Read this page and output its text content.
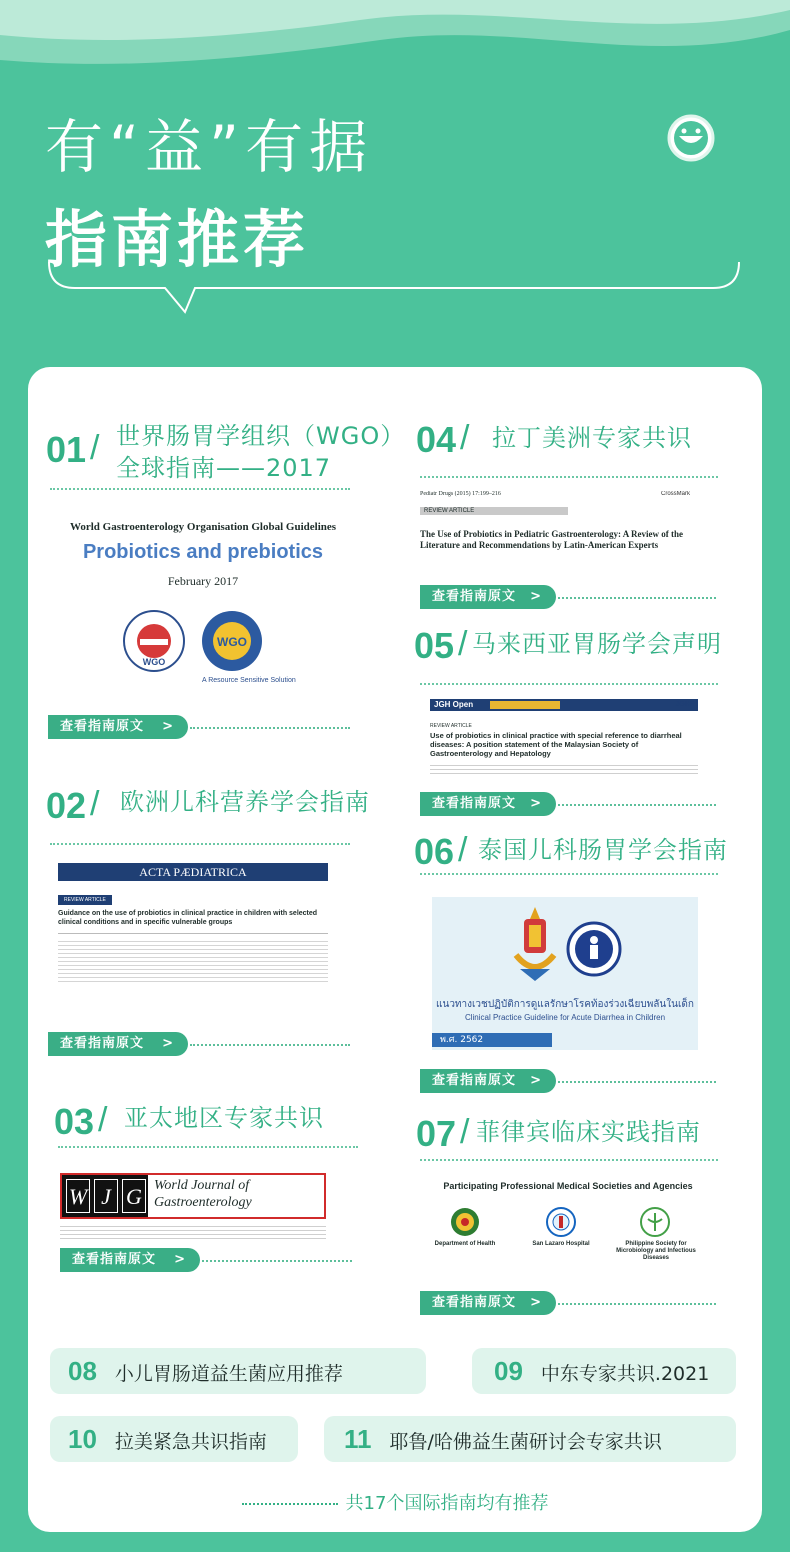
有“益”有据
指南推荐
01 / 世界肠胃学组织（WGO）
全球指南——2017
World Gastroenterology Organisation Global Guidelines
Probiotics and prebiotics
February 2017
WGO
WGO
A Resource Sensitive Solution
查看指南原文 >
02 / 欧洲儿科营养学会指南
ACTA PÆDIATRICA
REVIEW ARTICLE
Guidance on the use of probiotics in clinical practice in children with selected clinical conditions and in specific vulnerable groups
查看指南原文 >
03 / 亚太地区专家共识
W J G World Journal of
Gastroenterology
查看指南原文 >
04 / 拉丁美洲专家共识
Pediatr Drugs (2015) 17:199–216	CrossMark
REVIEW ARTICLE
The Use of Probiotics in Pediatric Gastroenterology: A Review of the Literature and Recommendations by Latin-American Experts
查看指南原文 >
05 / 马来西亚胃肠学会声明
JGH Open	JGHF
REVIEW ARTICLE
Use of probiotics in clinical practice with special reference to diarrheal diseases: A position statement of the Malaysian Society of Gastroenterology and Hepatology
查看指南原文 >
06 / 泰国儿科肠胃学会指南
แนวทางเวชปฏิบัติการดูแลรักษาโรคท้องร่วงเฉียบพลันในเด็ก
Clinical Practice Guideline for Acute Diarrhea in Children
พ.ศ. 2562
查看指南原文 >
07 / 菲律宾临床实践指南
Participating Professional Medical Societies and Agencies
Department of Health	San Lazaro Hospital	Philippine Society for Microbiology and Infectious Diseases
查看指南原文 >
08 小儿胃肠道益生菌应用推荐	09 中东专家共识.2021
10 拉美紧急共识指南	11 耶鲁/哈佛益生菌研讨会专家共识
共17个国际指南均有推荐
